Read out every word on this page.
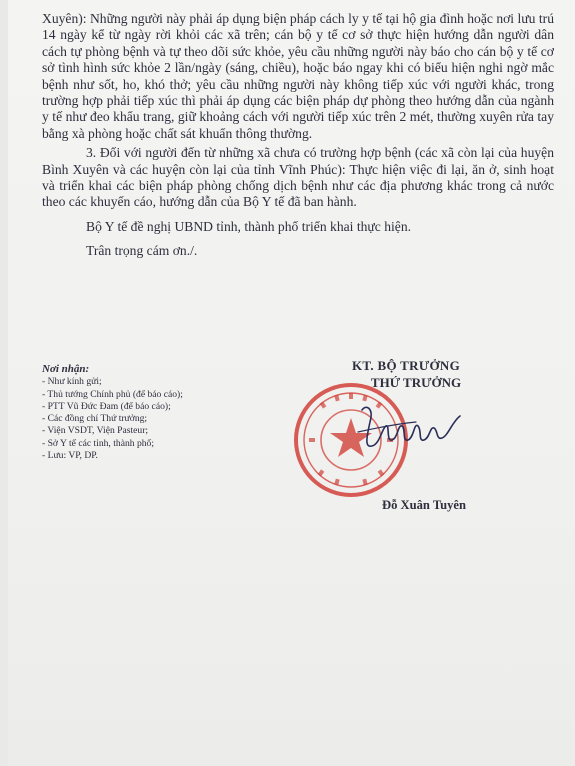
Xuyên): Những người này phải áp dụng biện pháp cách ly y tế tại hộ gia đình hoặc nơi lưu trú 14 ngày kể từ ngày rời khỏi các xã trên; cán bộ y tế cơ sở thực hiện hướng dẫn người dân cách tự phòng bệnh và tự theo dõi sức khỏe, yêu cầu những người này báo cho cán bộ y tế cơ sở tình hình sức khỏe 2 lần/ngày (sáng, chiều), hoặc báo ngay khi có biểu hiện nghi ngờ mắc bệnh như sốt, ho, khó thở; yêu cầu những người này không tiếp xúc với người khác, trong trường hợp phải tiếp xúc thì phải áp dụng các biện pháp dự phòng theo hướng dẫn của ngành y tế như đeo khẩu trang, giữ khoảng cách với người tiếp xúc trên 2 mét, thường xuyên rửa tay bằng xà phòng hoặc chất sát khuẩn thông thường.

3. Đối với người đến từ những xã chưa có trường hợp bệnh (các xã còn lại của huyện Bình Xuyên và các huyện còn lại của tỉnh Vĩnh Phúc): Thực hiện việc đi lại, ăn ở, sinh hoạt và triển khai các biện pháp phòng chống dịch bệnh như các địa phương khác trong cả nước theo các khuyến cáo, hướng dẫn của Bộ Y tế đã ban hành.

Bộ Y tế đề nghị UBND tỉnh, thành phố triển khai thực hiện.

Trân trọng cám ơn./.

Nơi nhận:
- Như kính gửi;
- Thủ tướng Chính phủ (để báo cáo);
- PTT Vũ Đức Đam (để báo cáo);
- Các đồng chí Thứ trưởng;
- Viện VSDT, Viện Pasteur;
- Sở Y tế các tỉnh, thành phố;
- Lưu: VP, DP.
KT. BỘ TRƯỞNG
THỨ TRƯỞNG
Đỗ Xuân Tuyên
